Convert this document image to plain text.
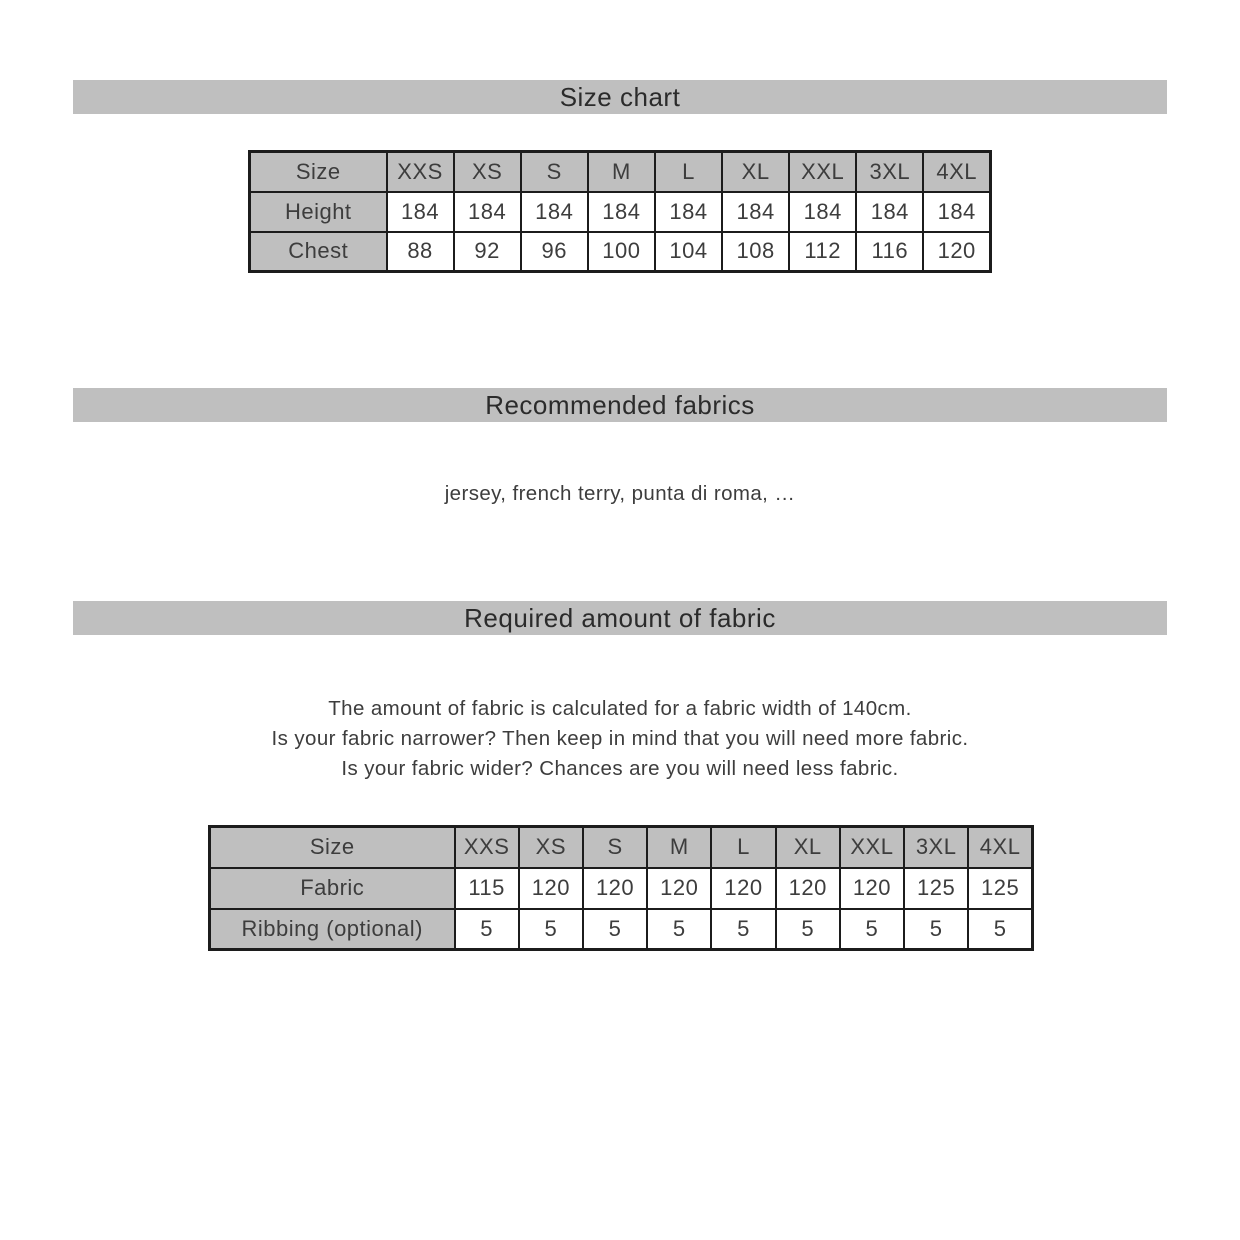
Size chart
Size	XXS	XS	S	M	L	XL	XXL	3XL	4XL
Height	184	184	184	184	184	184	184	184	184
Chest	88	92	96	100	104	108	112	116	120
Recommended fabrics
jersey, french terry, punta di roma, …
Required amount of fabric
The amount of fabric is calculated for a fabric width of 140cm.
Is your fabric narrower? Then keep in mind that you will need more fabric.
Is your fabric wider? Chances are you will need less fabric.
Size	XXS	XS	S	M	L	XL	XXL	3XL	4XL
Fabric	115	120	120	120	120	120	120	125	125
Ribbing (optional)	5	5	5	5	5	5	5	5	5
